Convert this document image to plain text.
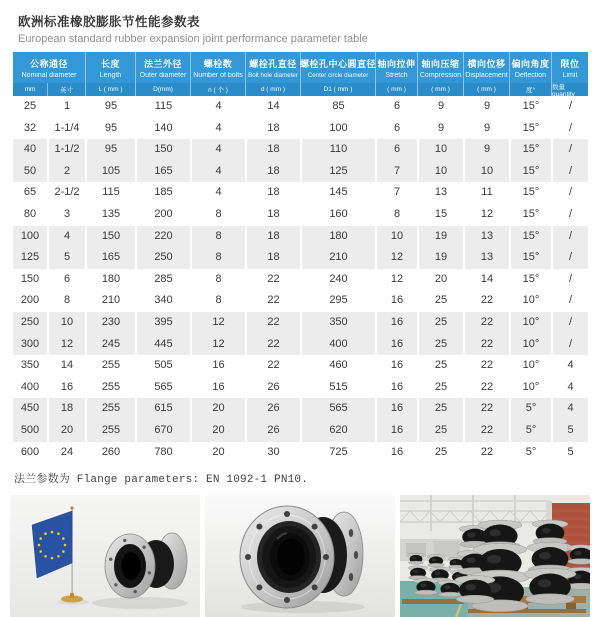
欧洲标准橡胶膨胀节性能参数表
European standard rubber expansion joint performance parameter table
公称通径
Nominal diameter
mm	英寸
长度
Length
L ( mm )
法兰外径
Outer diameter
D(mm)
螺栓数
Number of bolts
n ( 个 )
螺栓孔直径
Bolt hole diameter
d ( mm )
螺栓孔中心圆直径
Center circle diameter
D1 ( mm )
轴向拉伸
Stretch
( mm )
轴向压缩
Compression
( mm )
横向位移
Displacement
( mm )
偏向角度
Deflection
度°
限位
Limit
数量 quantity
25	1	95	115	4	14	85	6	9	9	15°	/
32	1-1/4	95	140	4	18	100	6	9	9	15°	/
40	1-1/2	95	150	4	18	110	6	10	9	15°	/
50	2	105	165	4	18	125	7	10	10	15°	/
65	2-1/2	115	185	4	18	145	7	13	11	15°	/
80	3	135	200	8	18	160	8	15	12	15°	/
100	4	150	220	8	18	180	10	19	13	15°	/
125	5	165	250	8	18	210	12	19	13	15°	/
150	6	180	285	8	22	240	12	20	14	15°	/
200	8	210	340	8	22	295	16	25	22	10°	/
250	10	230	395	12	22	350	16	25	22	10°	/
300	12	245	445	12	22	400	16	25	22	10°	/
350	14	255	505	16	22	460	16	25	22	10°	4
400	16	255	565	16	26	515	16	25	22	10°	4
450	18	255	615	20	26	565	16	25	22	5°	4
500	20	255	670	20	26	620	16	25	22	5°	5
600	24	260	780	20	30	725	16	25	22	5°	5
法兰参数为 Flange parameters: EN 1092-1 PN10.
